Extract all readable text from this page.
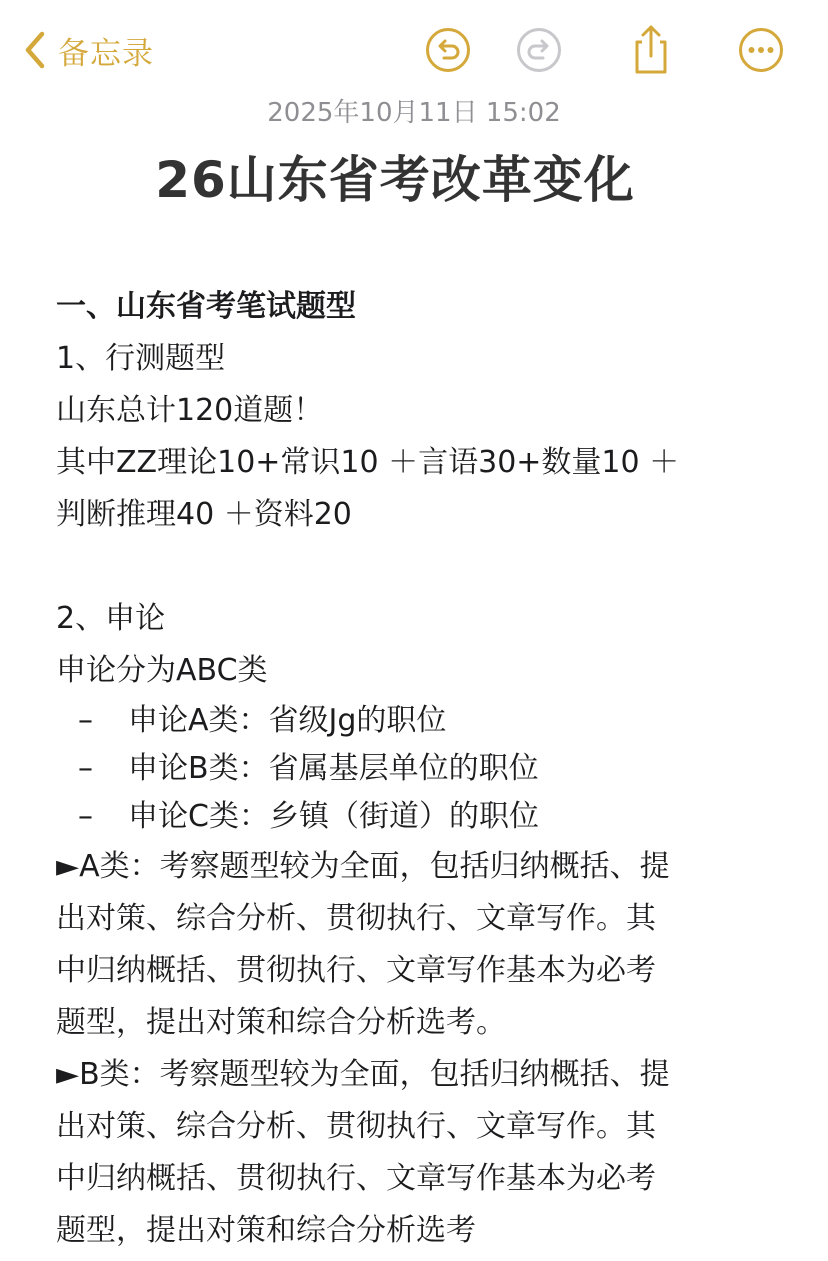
备忘录
2025年10月11日 15:02
26山东省考改革变化
一、山东省考笔试题型
1、行测题型
山东总计120道题！
其中ZZ理论10+常识10 ＋言语30+数量10 ＋
判断推理40 ＋资料20
2、申论
申论分为ABC类
– 申论A类：省级Jg的职位
– 申论B类：省属基层单位的职位
– 申论C类：乡镇（街道）的职位
►A类：考察题型较为全面，包括归纳概括、提
出对策、综合分析、贯彻执行、文章写作。其
中归纳概括、贯彻执行、文章写作基本为必考
题型，提出对策和综合分析选考。
►B类：考察题型较为全面，包括归纳概括、提
出对策、综合分析、贯彻执行、文章写作。其
中归纳概括、贯彻执行、文章写作基本为必考
题型，提出对策和综合分析选考
